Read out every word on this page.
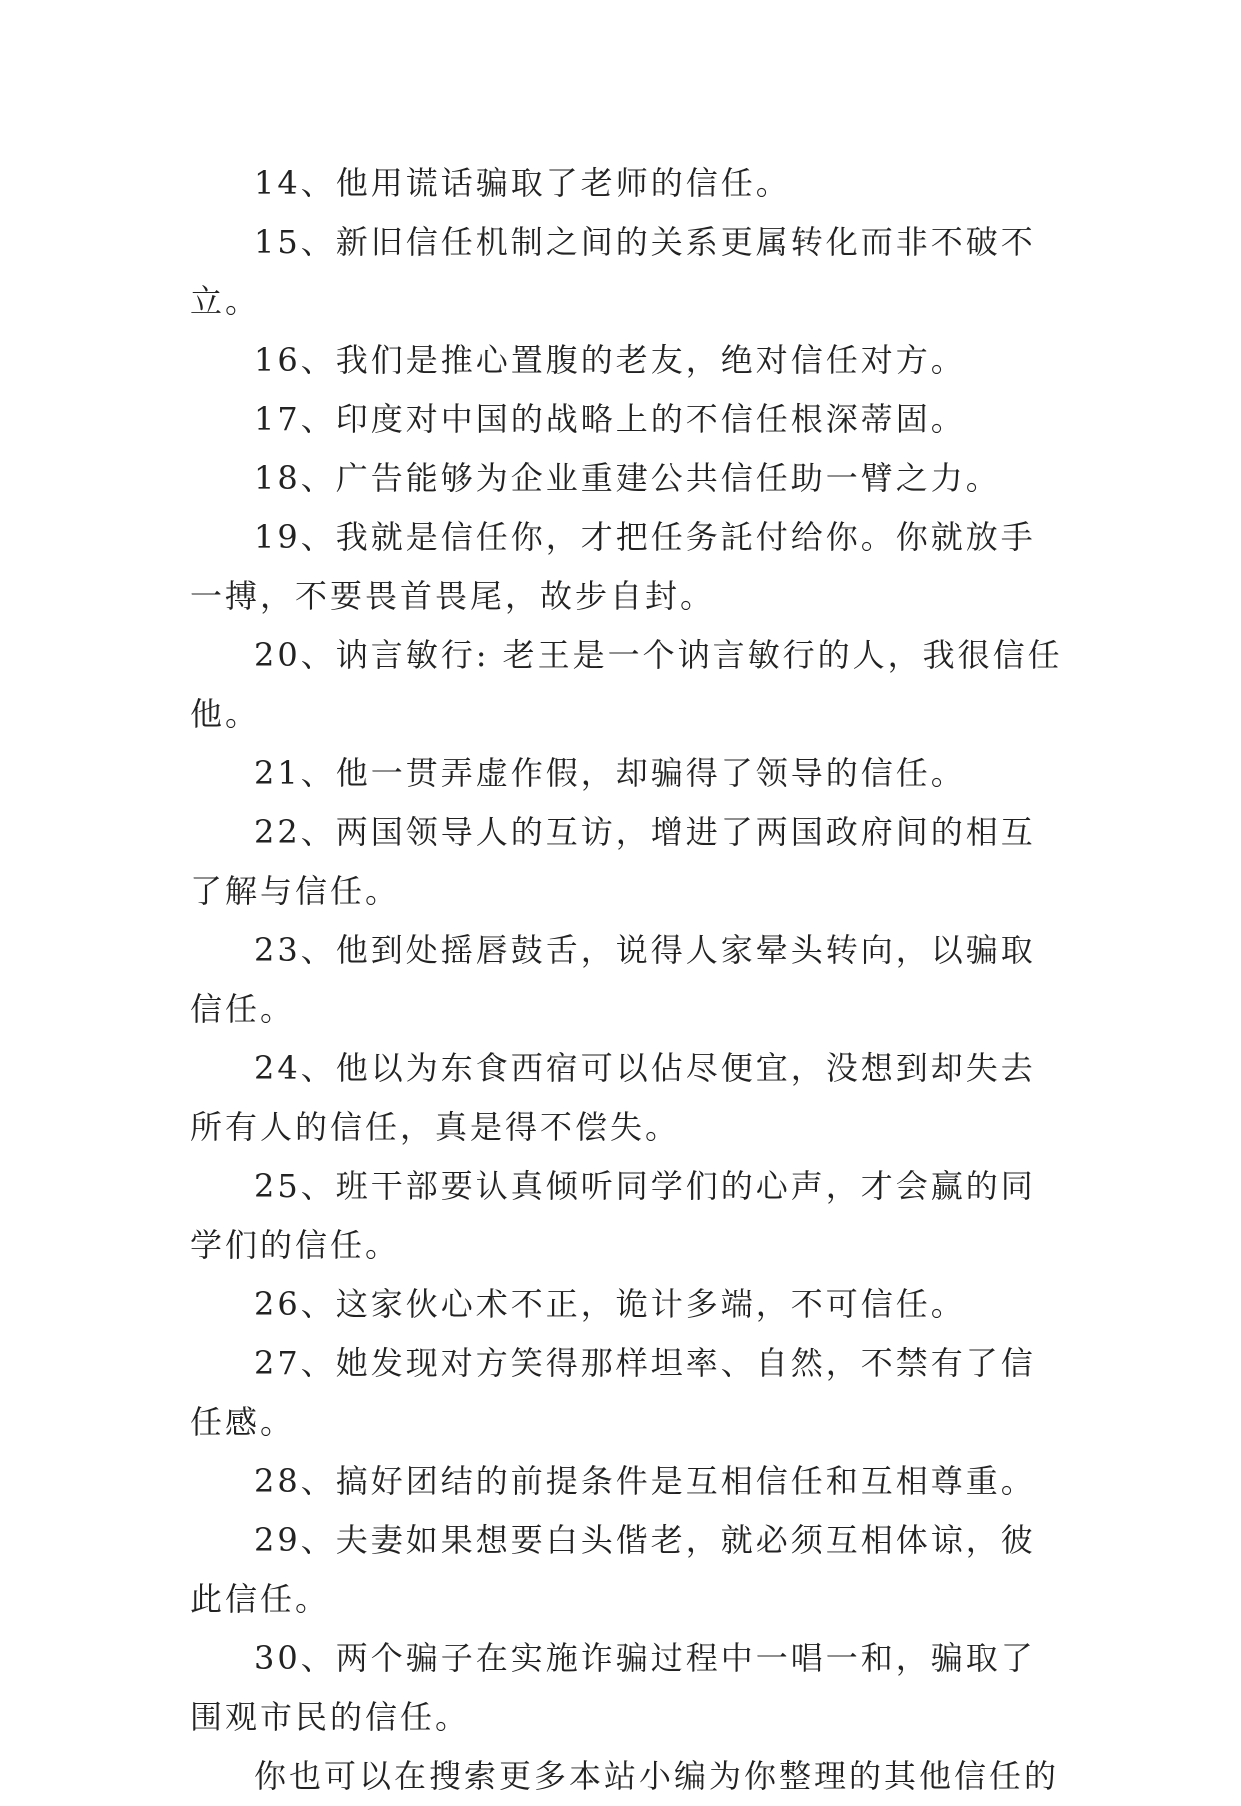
14、他用谎话骗取了老师的信任。

15、新旧信任机制之间的关系更属转化而非不破不立。

16、我们是推心置腹的老友，绝对信任对方。

17、印度对中国的战略上的不信任根深蒂固。

18、广告能够为企业重建公共信任助一臂之力。

19、我就是信任你，才把任务託付给你。你就放手一搏，不要畏首畏尾，故步自封。

20、讷言敏行: 老王是一个讷言敏行的人，我很信任他。

21、他一贯弄虚作假，却骗得了领导的信任。

22、两国领导人的互访，增进了两国政府间的相互了解与信任。

23、他到处摇唇鼓舌，说得人家晕头转向，以骗取信任。

24、他以为东食西宿可以佔尽便宜，没想到却失去所有人的信任，真是得不偿失。

25、班干部要认真倾听同学们的心声，才会赢的同学们的信任。

26、这家伙心术不正，诡计多端，不可信任。

27、她发现对方笑得那样坦率、自然，不禁有了信任感。

28、搞好团结的前提条件是互相信任和互相尊重。

29、夫妻如果想要白头偕老，就必须互相体谅，彼此信任。

30、两个骗子在实施诈骗过程中一唱一和，骗取了围观市民的信任。

你也可以在搜索更多本站小编为你整理的其他信任的
